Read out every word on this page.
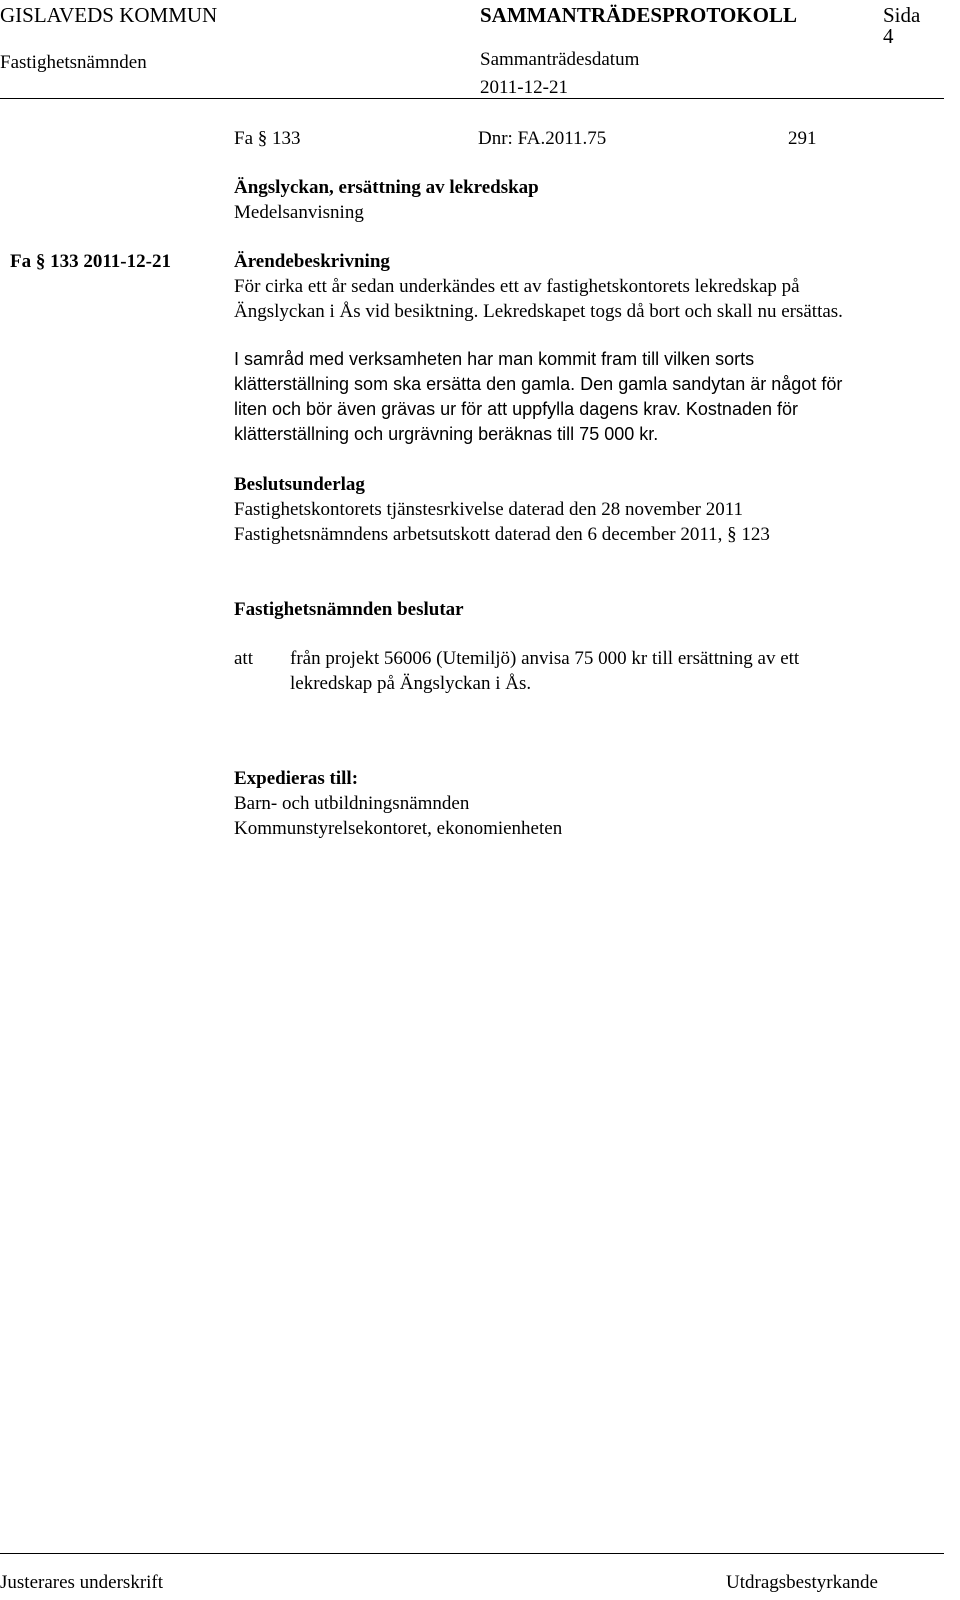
GISLAVEDS KOMMUN	SAMMANTRÄDESPROTOKOLL	Sida
4
Fastighetsnämnden	Sammanträdesdatum
2011-12-21
Fa § 133	Dnr: FA.2011.75	291
Ängslyckan, ersättning av lekredskap
Medelsanvisning
Fa § 133 2011-12-21	Ärendebeskrivning
För cirka ett år sedan underkändes ett av fastighetskontorets lekredskap på
Ängslyckan i Ås vid besiktning. Lekredskapet togs då bort och skall nu ersättas.
I samråd med verksamheten har man kommit fram till vilken sorts
klätterställning som ska ersätta den gamla. Den gamla sandytan är något för
liten och bör även grävas ur för att uppfylla dagens krav. Kostnaden för
klätterställning och urgrävning beräknas till 75 000 kr.
Beslutsunderlag
Fastighetskontorets tjänstesrkivelse daterad den 28 november 2011
Fastighetsnämndens arbetsutskott daterad den 6 december 2011, § 123
Fastighetsnämnden beslutar
att från projekt 56006 (Utemiljö) anvisa 75 000 kr till ersättning av ett
lekredskap på Ängslyckan i Ås.
Expedieras till:
Barn- och utbildningsnämnden
Kommunstyrelsekontoret, ekonomienheten
Justerares underskrift	Utdragsbestyrkande
